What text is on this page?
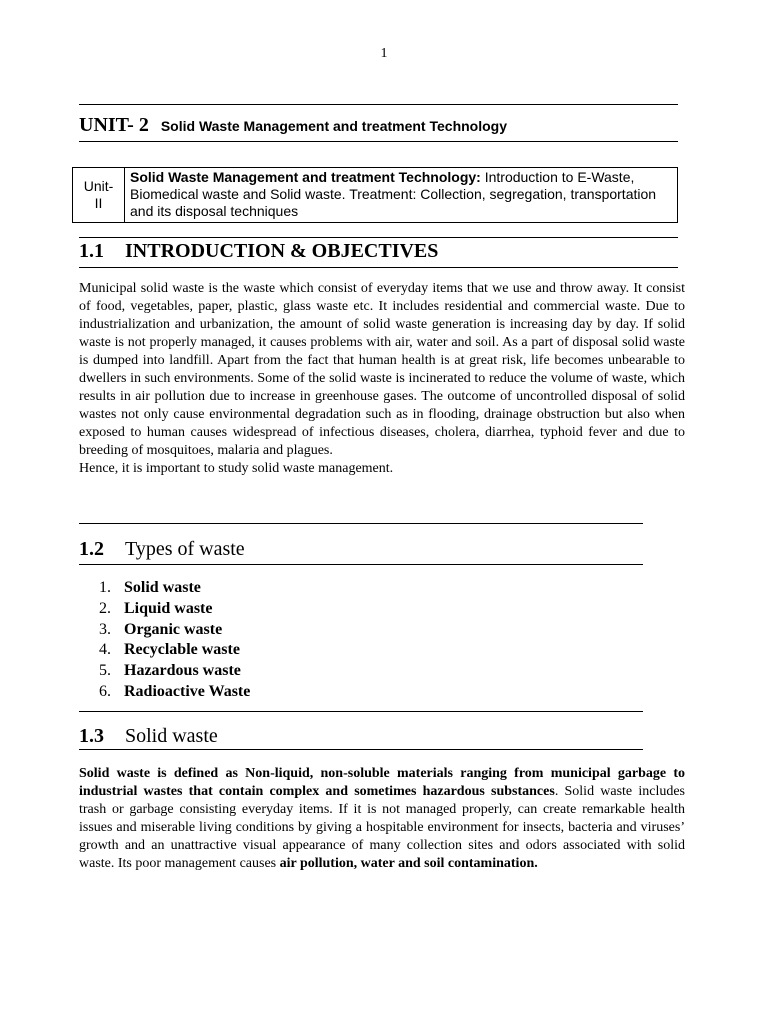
1
UNIT- 2 Solid Waste Management and treatment Technology
Unit-
II
Solid Waste Management and treatment Technology: Introduction to E-Waste, Biomedical waste and Solid waste. Treatment: Collection, segregation, transportation and its disposal techniques
1.1 INTRODUCTION & OBJECTIVES

Municipal solid waste is the waste which consist of everyday items that we use and throw away. It consist of food, vegetables, paper, plastic, glass waste etc. It includes residential and commercial waste. Due to industrialization and urbanization, the amount of solid waste generation is increasing day by day. If solid waste is not properly managed, it causes problems with air, water and soil. As a part of disposal solid waste is dumped into landfill. Apart from the fact that human health is at great risk, life becomes unbearable to dwellers in such environments. Some of the solid waste is incinerated to reduce the volume of waste, which results in air pollution due to increase in greenhouse gases. The outcome of uncontrolled disposal of solid wastes not only cause environmental degradation such as in flooding, drainage obstruction but also when exposed to human causes widespread of infectious diseases, cholera, diarrhea, typhoid fever and due to breeding of mosquitoes, malaria and plagues.

Hence, it is important to study solid waste management.

1.2 Types of waste
1. Solid waste
2. Liquid waste
3. Organic waste
4. Recyclable waste
5. Hazardous waste
6. Radioactive Waste
1.3 Solid waste

Solid waste is defined as Non-liquid, non-soluble materials ranging from municipal garbage to industrial wastes that contain complex and sometimes hazardous substances. Solid waste includes trash or garbage consisting everyday items. If it is not managed properly, can create remarkable health issues and miserable living conditions by giving a hospitable environment for insects, bacteria and viruses’ growth and an unattractive visual appearance of many collection sites and odors associated with solid waste. Its poor management causes air pollution, water and soil contamination.
